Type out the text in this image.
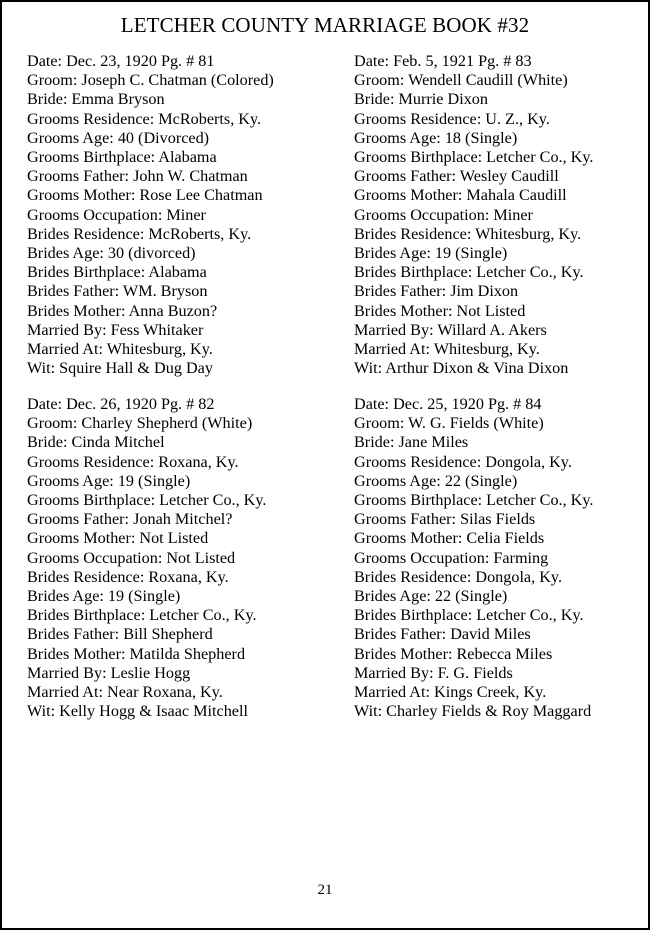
LETCHER COUNTY MARRIAGE BOOK #32
Date: Dec. 23, 1920 Pg. # 81
Groom: Joseph C. Chatman (Colored)
Bride: Emma Bryson
Grooms Residence: McRoberts, Ky.
Grooms Age: 40 (Divorced)
Grooms Birthplace: Alabama
Grooms Father: John W. Chatman
Grooms Mother: Rose Lee Chatman
Grooms Occupation: Miner
Brides Residence: McRoberts, Ky.
Brides Age: 30 (divorced)
Brides Birthplace: Alabama
Brides Father: WM. Bryson
Brides Mother: Anna Buzon?
Married By: Fess Whitaker
Married At: Whitesburg, Ky.
Wit: Squire Hall & Dug Day
Date: Feb. 5, 1921 Pg. # 83
Groom: Wendell Caudill (White)
Bride: Murrie Dixon
Grooms Residence: U. Z., Ky.
Grooms Age: 18 (Single)
Grooms Birthplace: Letcher Co., Ky.
Grooms Father: Wesley Caudill
Grooms Mother: Mahala Caudill
Grooms Occupation: Miner
Brides Residence: Whitesburg, Ky.
Brides Age: 19 (Single)
Brides Birthplace: Letcher Co., Ky.
Brides Father: Jim Dixon
Brides Mother: Not Listed
Married By: Willard A. Akers
Married At: Whitesburg, Ky.
Wit: Arthur Dixon & Vina Dixon
Date: Dec. 26, 1920 Pg. # 82
Groom: Charley Shepherd (White)
Bride: Cinda Mitchel
Grooms Residence: Roxana, Ky.
Grooms Age: 19 (Single)
Grooms Birthplace: Letcher Co., Ky.
Grooms Father: Jonah Mitchel?
Grooms Mother: Not Listed
Grooms Occupation: Not Listed
Brides Residence: Roxana, Ky.
Brides Age: 19 (Single)
Brides Birthplace: Letcher Co., Ky.
Brides Father: Bill Shepherd
Brides Mother: Matilda Shepherd
Married By: Leslie Hogg
Married At: Near Roxana, Ky.
Wit: Kelly Hogg & Isaac Mitchell
Date: Dec. 25, 1920 Pg. # 84
Groom: W. G. Fields (White)
Bride: Jane Miles
Grooms Residence: Dongola, Ky.
Grooms Age: 22 (Single)
Grooms Birthplace: Letcher Co., Ky.
Grooms Father: Silas Fields
Grooms Mother: Celia Fields
Grooms Occupation: Farming
Brides Residence: Dongola, Ky.
Brides Age: 22 (Single)
Brides Birthplace: Letcher Co., Ky.
Brides Father: David Miles
Brides Mother: Rebecca Miles
Married By: F. G. Fields
Married At: Kings Creek, Ky.
Wit: Charley Fields & Roy Maggard
21
